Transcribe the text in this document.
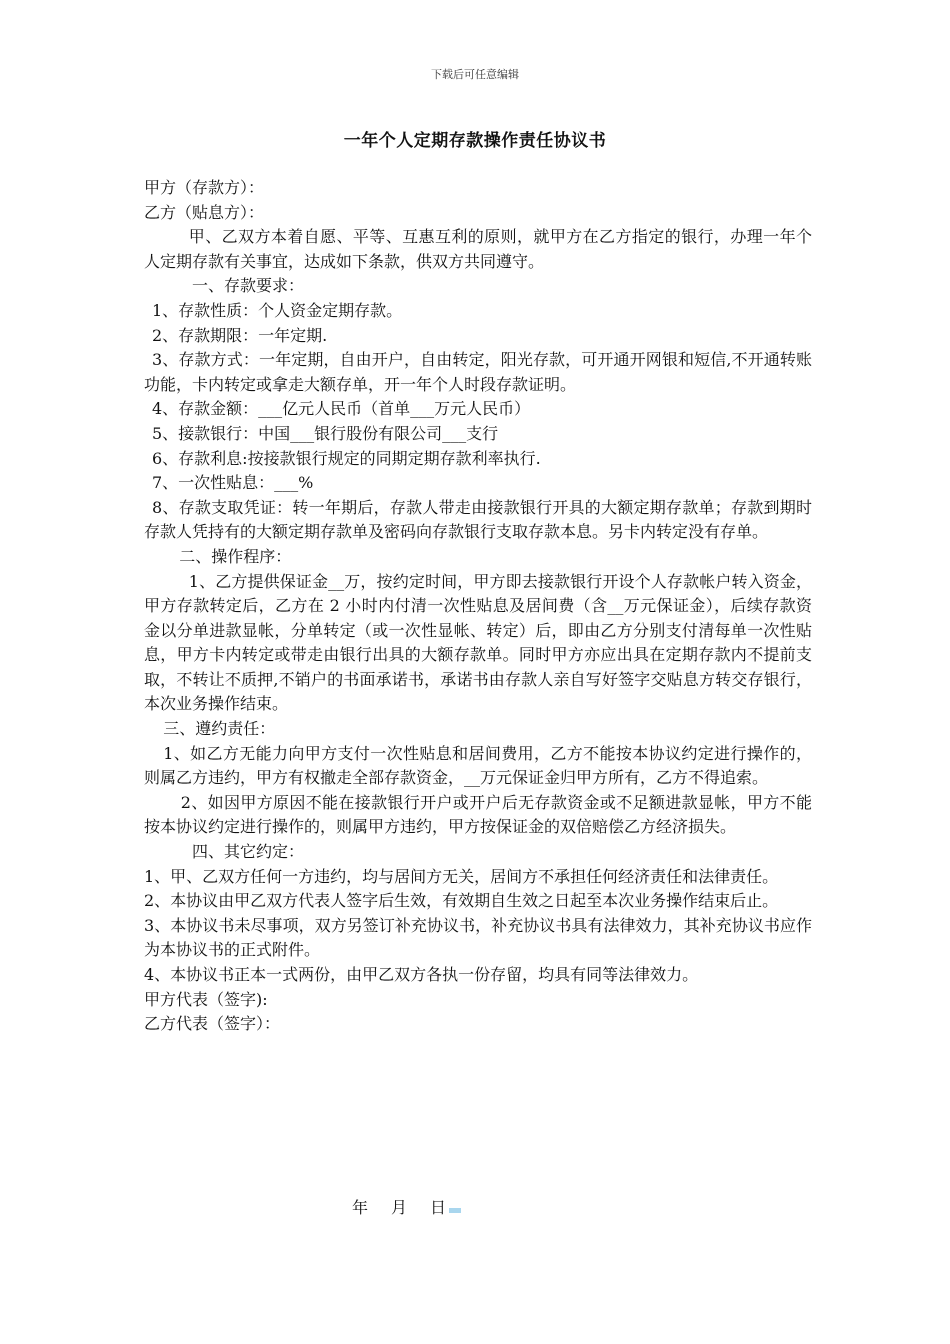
下载后可任意编辑
一年个人定期存款操作责任协议书

甲方（存款方）：

乙方（贴息方）：

甲、乙双方本着自愿、平等、互惠互利的原则，就甲方在乙方指定的银行，办理一年个人定期存款有关事宜，达成如下条款，供双方共同遵守。

一、存款要求：

1、存款性质：个人资金定期存款。

2、存款期限：一年定期.

3、存款方式：一年定期，自由开户，自由转定，阳光存款，可开通开网银和短信,不开通转账功能，卡内转定或拿走大额存单，开一年个人时段存款证明。

4、存款金额：___亿元人民币（首单___万元人民币）

5、接款银行：中国___银行股份有限公司___支行

6、存款利息:按接款银行规定的同期定期存款利率执行.

7、一次性贴息：___%

8、存款支取凭证：转一年期后，存款人带走由接款银行开具的大额定期存款单；存款到期时存款人凭持有的大额定期存款单及密码向存款银行支取存款本息。另卡内转定没有存单。

二、操作程序：

1、乙方提供保证金__万，按约定时间，甲方即去接款银行开设个人存款帐户转入资金，甲方存款转定后，乙方在 2 小时内付清一次性贴息及居间费（含__万元保证金），后续存款资金以分单进款显帐，分单转定（或一次性显帐、转定）后，即由乙方分别支付清每单一次性贴息，甲方卡内转定或带走由银行出具的大额存款单。同时甲方亦应出具在定期存款内不提前支取，不转让不质押,不销户的书面承诺书，承诺书由存款人亲自写好签字交贴息方转交存银行，本次业务操作结束。

三、遵约责任：

1、如乙方无能力向甲方支付一次性贴息和居间费用，乙方不能按本协议约定进行操作的，则属乙方违约，甲方有权撤走全部存款资金，__万元保证金归甲方所有，乙方不得追索。

2、如因甲方原因不能在接款银行开户或开户后无存款资金或不足额进款显帐，甲方不能按本协议约定进行操作的，则属甲方违约，甲方按保证金的双倍赔偿乙方经济损失。

四、其它约定：

1、甲、乙双方任何一方违约，均与居间方无关，居间方不承担任何经济责任和法律责任。

2、本协议由甲乙双方代表人签字后生效，有效期自生效之日起至本次业务操作结束后止。

3、本协议书未尽事项，双方另签订补充协议书，补充协议书具有法律效力，其补充协议书应作为本协议书的正式附件。

4、本协议书正本一式两份，由甲乙双方各执一份存留，均具有同等法律效力。

甲方代表（签字):

乙方代表（签字）：

年 月 日
